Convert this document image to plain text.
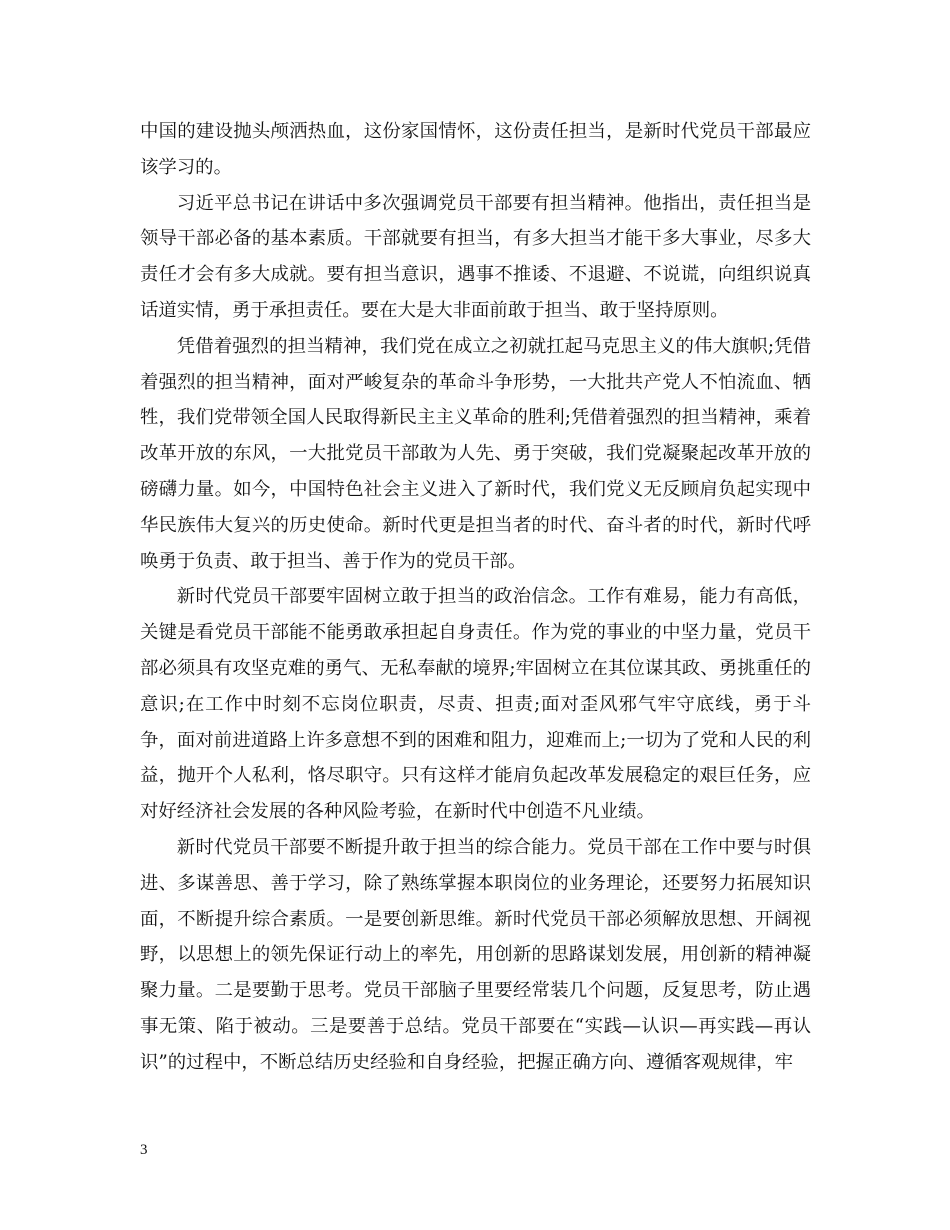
中国的建设抛头颅洒热血，这份家国情怀，这份责任担当，是新时代党员干部最应该学习的。

习近平总书记在讲话中多次强调党员干部要有担当精神。他指出，责任担当是领导干部必备的基本素质。干部就要有担当，有多大担当才能干多大事业，尽多大责任才会有多大成就。要有担当意识，遇事不推诿、不退避、不说谎，向组织说真话道实情，勇于承担责任。要在大是大非面前敢于担当、敢于坚持原则。

凭借着强烈的担当精神，我们党在成立之初就扛起马克思主义的伟大旗帜;凭借着强烈的担当精神，面对严峻复杂的革命斗争形势，一大批共产党人不怕流血、牺牲，我们党带领全国人民取得新民主主义革命的胜利;凭借着强烈的担当精神，乘着改革开放的东风，一大批党员干部敢为人先、勇于突破，我们党凝聚起改革开放的磅礴力量。如今，中国特色社会主义进入了新时代，我们党义无反顾肩负起实现中华民族伟大复兴的历史使命。新时代更是担当者的时代、奋斗者的时代，新时代呼唤勇于负责、敢于担当、善于作为的党员干部。

新时代党员干部要牢固树立敢于担当的政治信念。工作有难易，能力有高低，关键是看党员干部能不能勇敢承担起自身责任。作为党的事业的中坚力量，党员干部必须具有攻坚克难的勇气、无私奉献的境界;牢固树立在其位谋其政、勇挑重任的意识;在工作中时刻不忘岗位职责，尽责、担责;面对歪风邪气牢守底线，勇于斗争，面对前进道路上许多意想不到的困难和阻力，迎难而上;一切为了党和人民的利益，抛开个人私利，恪尽职守。只有这样才能肩负起改革发展稳定的艰巨任务，应对好经济社会发展的各种风险考验，在新时代中创造不凡业绩。

新时代党员干部要不断提升敢于担当的综合能力。党员干部在工作中要与时俱进、多谋善思、善于学习，除了熟练掌握本职岗位的业务理论，还要努力拓展知识面，不断提升综合素质。一是要创新思维。新时代党员干部必须解放思想、开阔视野，以思想上的领先保证行动上的率先，用创新的思路谋划发展，用创新的精神凝聚力量。二是要勤于思考。党员干部脑子里要经常装几个问题，反复思考，防止遇事无策、陷于被动。三是要善于总结。党员干部要在“实践—认识—再实践—再认识”的过程中，不断总结历史经验和自身经验，把握正确方向、遵循客观规律，牢

3
